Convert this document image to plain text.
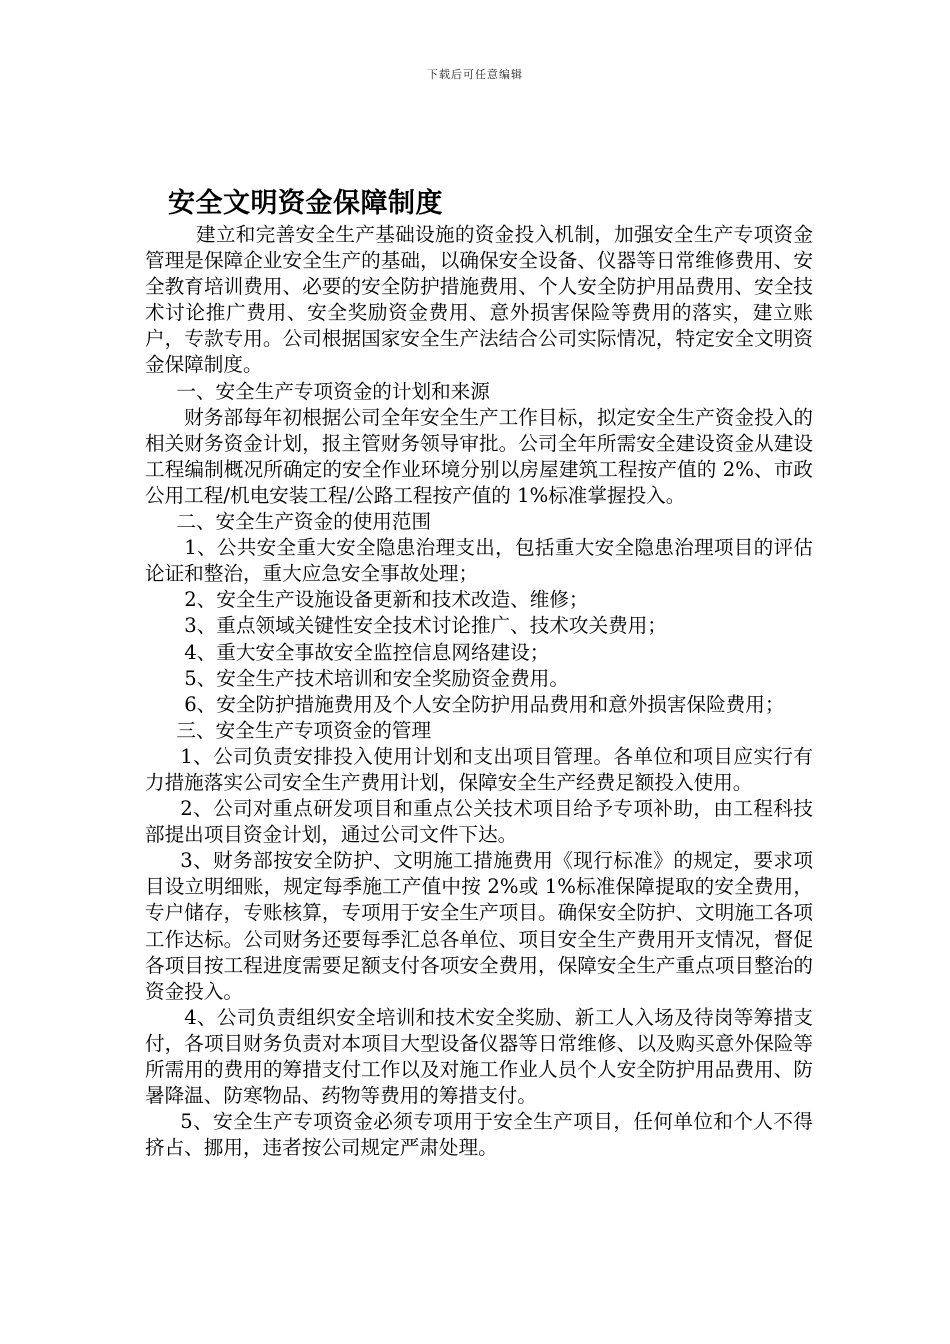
下载后可任意编辑
安全文明资金保障制度

建立和完善安全生产基础设施的资金投入机制，加强安全生产专项资金管理是保障企业安全生产的基础，以确保安全设备、仪器等日常维修费用、安全教育培训费用、必要的安全防护措施费用、个人安全防护用品费用、安全技术讨论推广费用、安全奖励资金费用、意外损害保险等费用的落实，建立账户，专款专用。公司根据国家安全生产法结合公司实际情况，特定安全文明资金保障制度。

一、安全生产专项资金的计划和来源

财务部每年初根据公司全年安全生产工作目标，拟定安全生产资金投入的相关财务资金计划，报主管财务领导审批。公司全年所需安全建设资金从建设工程编制概况所确定的安全作业环境分别以房屋建筑工程按产值的 2%、市政公用工程/机电安装工程/公路工程按产值的 1%标准掌握投入。

二、安全生产资金的使用范围

1、公共安全重大安全隐患治理支出，包括重大安全隐患治理项目的评估论证和整治，重大应急安全事故处理；

2、安全生产设施设备更新和技术改造、维修；

3、重点领域关键性安全技术讨论推广、技术攻关费用；

4、重大安全事故安全监控信息网络建设；

5、安全生产技术培训和安全奖励资金费用。

6、安全防护措施费用及个人安全防护用品费用和意外损害保险费用；

三、安全生产专项资金的管理

1、公司负责安排投入使用计划和支出项目管理。各单位和项目应实行有力措施落实公司安全生产费用计划，保障安全生产经费足额投入使用。

2、公司对重点研发项目和重点公关技术项目给予专项补助，由工程科技部提出项目资金计划，通过公司文件下达。

3、财务部按安全防护、文明施工措施费用《现行标准》的规定，要求项目设立明细账，规定每季施工产值中按 2%或 1%标准保障提取的安全费用，专户储存，专账核算，专项用于安全生产项目。确保安全防护、文明施工各项工作达标。公司财务还要每季汇总各单位、项目安全生产费用开支情况，督促各项目按工程进度需要足额支付各项安全费用，保障安全生产重点项目整治的资金投入。

4、公司负责组织安全培训和技术安全奖励、新工人入场及待岗等筹措支付，各项目财务负责对本项目大型设备仪器等日常维修、以及购买意外保险等所需用的费用的筹措支付工作以及对施工作业人员个人安全防护用品费用、防暑降温、防寒物品、药物等费用的筹措支付。

5、安全生产专项资金必须专项用于安全生产项目，任何单位和个人不得挤占、挪用，违者按公司规定严肃处理。
